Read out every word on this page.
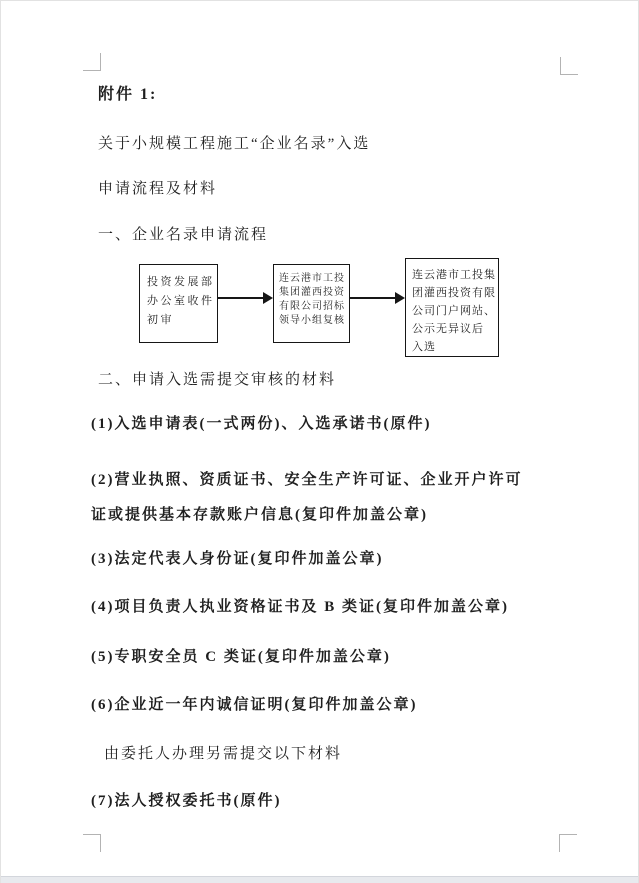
附件 1:
关于小规模工程施工“企业名录”入选
申请流程及材料
一、企业名录申请流程
投资发展部
办公室收件
初审
连云港市工投
集团灌西投资
有限公司招标
领导小组复核
连云港市工投集
团灌西投资有限
公司门户网站、
公示无异议后
入选
二、申请入选需提交审核的材料
(1)入选申请表(一式两份)、入选承诺书(原件)
(2)营业执照、资质证书、安全生产许可证、企业开户许可
证或提供基本存款账户信息(复印件加盖公章)
(3)法定代表人身份证(复印件加盖公章)
(4)项目负责人执业资格证书及 B 类证(复印件加盖公章)
(5)专职安全员 C 类证(复印件加盖公章)
(6)企业近一年内诚信证明(复印件加盖公章)
由委托人办理另需提交以下材料
(7)法人授权委托书(原件)
